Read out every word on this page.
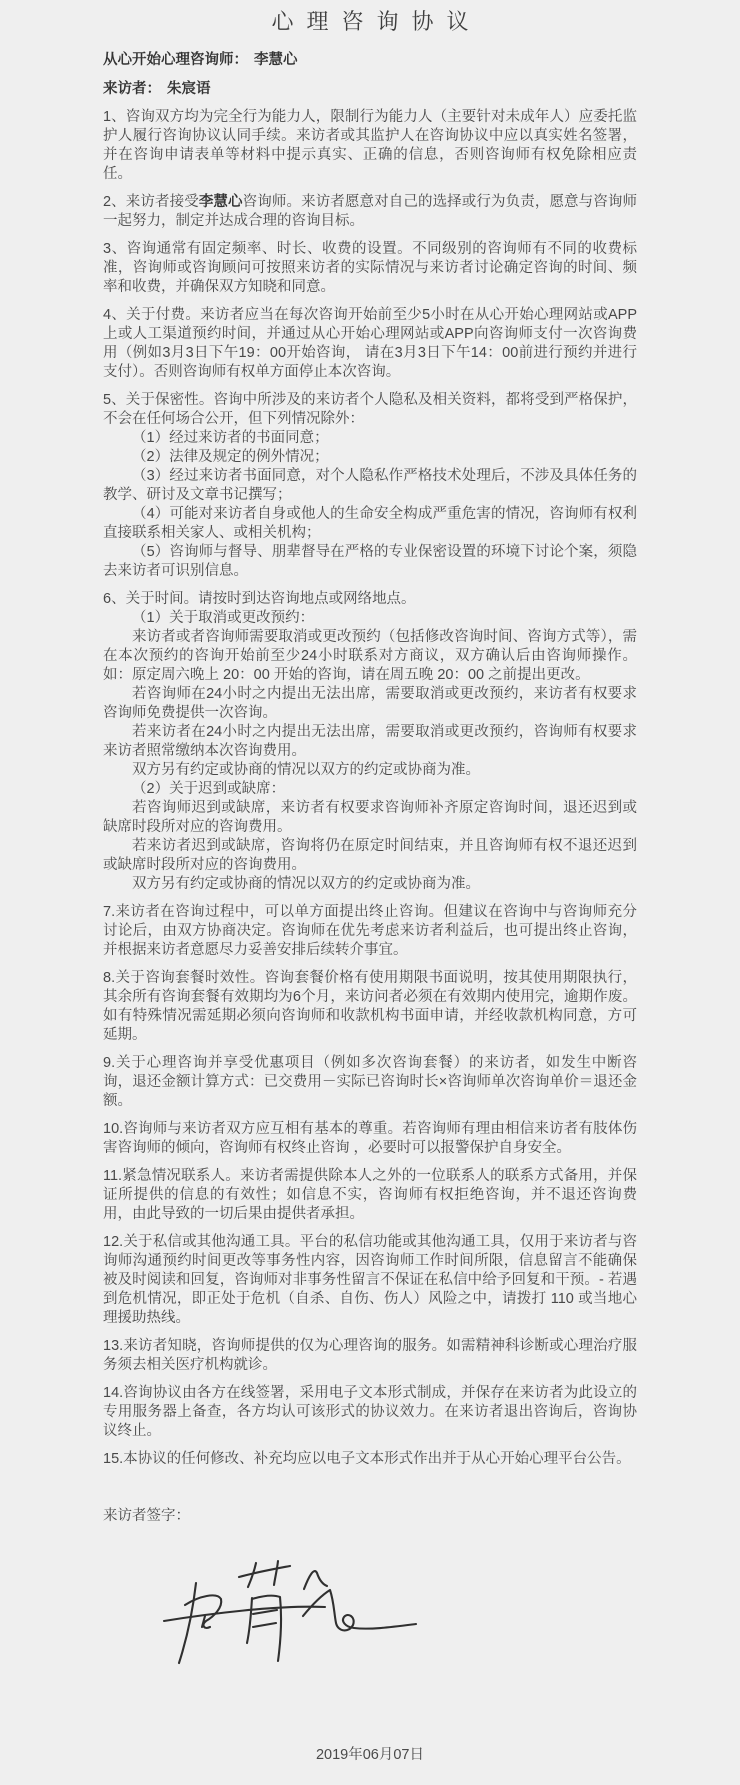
心理咨询协议
从心开始心理咨询师： 李慧心
来访者： 朱宸语

1、咨询双方均为完全行为能力人，限制行为能力人（主要针对未成年人）应委托监护人履行咨询协议认同手续。来访者或其监护人在咨询协议中应以真实姓名签署，并在咨询申请表单等材料中提示真实、正确的信息，否则咨询师有权免除相应责任。

2、来访者接受李慧心咨询师。来访者愿意对自己的选择或行为负责，愿意与咨询师一起努力，制定并达成合理的咨询目标。

3、咨询通常有固定频率、时长、收费的设置。不同级别的咨询师有不同的收费标准，咨询师或咨询顾问可按照来访者的实际情况与来访者讨论确定咨询的时间、频率和收费，并确保双方知晓和同意。

4、关于付费。来访者应当在每次咨询开始前至少5小时在从心开始心理网站或APP上或人工渠道预约时间，并通过从心开始心理网站或APP向咨询师支付一次咨询费用（例如3月3日下午19：00开始咨询， 请在3月3日下午14：00前进行预约并进行支付）。否则咨询师有权单方面停止本次咨询。

5、关于保密性。咨询中所涉及的来访者个人隐私及相关资料，都将受到严格保护，不会在任何场合公开，但下列情况除外：

（1）经过来访者的书面同意；

（2）法律及规定的例外情况；

（3）经过来访者书面同意，对个人隐私作严格技术处理后，不涉及具体任务的教学、研讨及文章书记撰写；

（4）可能对来访者自身或他人的生命安全构成严重危害的情况，咨询师有权利直接联系相关家人、或相关机构；

（5）咨询师与督导、朋辈督导在严格的专业保密设置的环境下讨论个案，须隐去来访者可识别信息。

6、关于时间。请按时到达咨询地点或网络地点。

（1）关于取消或更改预约：

来访者或者咨询师需要取消或更改预约（包括修改咨询时间、咨询方式等），需在本次预约的咨询开始前至少24小时联系对方商议，双方确认后由咨询师操作。如：原定周六晚上 20：00 开始的咨询，请在周五晚 20：00 之前提出更改。

若咨询师在24小时之内提出无法出席，需要取消或更改预约，来访者有权要求咨询师免费提供一次咨询。

若来访者在24小时之内提出无法出席，需要取消或更改预约，咨询师有权要求来访者照常缴纳本次咨询费用。

双方另有约定或协商的情况以双方的约定或协商为准。

（2）关于迟到或缺席：

若咨询师迟到或缺席，来访者有权要求咨询师补齐原定咨询时间，退还迟到或缺席时段所对应的咨询费用。

若来访者迟到或缺席，咨询将仍在原定时间结束，并且咨询师有权不退还迟到或缺席时段所对应的咨询费用。

双方另有约定或协商的情况以双方的约定或协商为准。

7.来访者在咨询过程中，可以单方面提出终止咨询。但建议在咨询中与咨询师充分讨论后，由双方协商决定。咨询师在优先考虑来访者利益后，也可提出终止咨询，并根据来访者意愿尽力妥善安排后续转介事宜。

8.关于咨询套餐时效性。咨询套餐价格有使用期限书面说明，按其使用期限执行，其余所有咨询套餐有效期均为6个月，来访问者必须在有效期内使用完，逾期作废。如有特殊情况需延期必须向咨询师和收款机构书面申请，并经收款机构同意，方可延期。

9.关于心理咨询并享受优惠项目（例如多次咨询套餐）的来访者，如发生中断咨询，退还金额计算方式：已交费用－实际已咨询时长×咨询师单次咨询单价＝退还金额。

10.咨询师与来访者双方应互相有基本的尊重。若咨询师有理由相信来访者有肢体伤害咨询师的倾向，咨询师有权终止咨询 ，必要时可以报警保护自身安全。

11.紧急情况联系人。来访者需提供除本人之外的一位联系人的联系方式备用，并保证所提供的信息的有效性；如信息不实，咨询师有权拒绝咨询，并不退还咨询费用，由此导致的一切后果由提供者承担。

12.关于私信或其他沟通工具。平台的私信功能或其他沟通工具，仅用于来访者与咨询师沟通预约时间更改等事务性内容，因咨询师工作时间所限，信息留言不能确保被及时阅读和回复，咨询师对非事务性留言不保证在私信中给予回复和干预。- 若遇到危机情况，即正处于危机（自杀、自伤、伤人）风险之中，请拨打 110 或当地心理援助热线。

13.来访者知晓，咨询师提供的仅为心理咨询的服务。如需精神科诊断或心理治疗服务须去相关医疗机构就诊。

14.咨询协议由各方在线签署，采用电子文本形式制成，并保存在来访者为此设立的专用服务器上备查，各方均认可该形式的协议效力。在来访者退出咨询后，咨询协议终止。

15.本协议的任何修改、补充均应以电子文本形式作出并于从心开始心理平台公告。

来访者签字：
2019年06月07日
